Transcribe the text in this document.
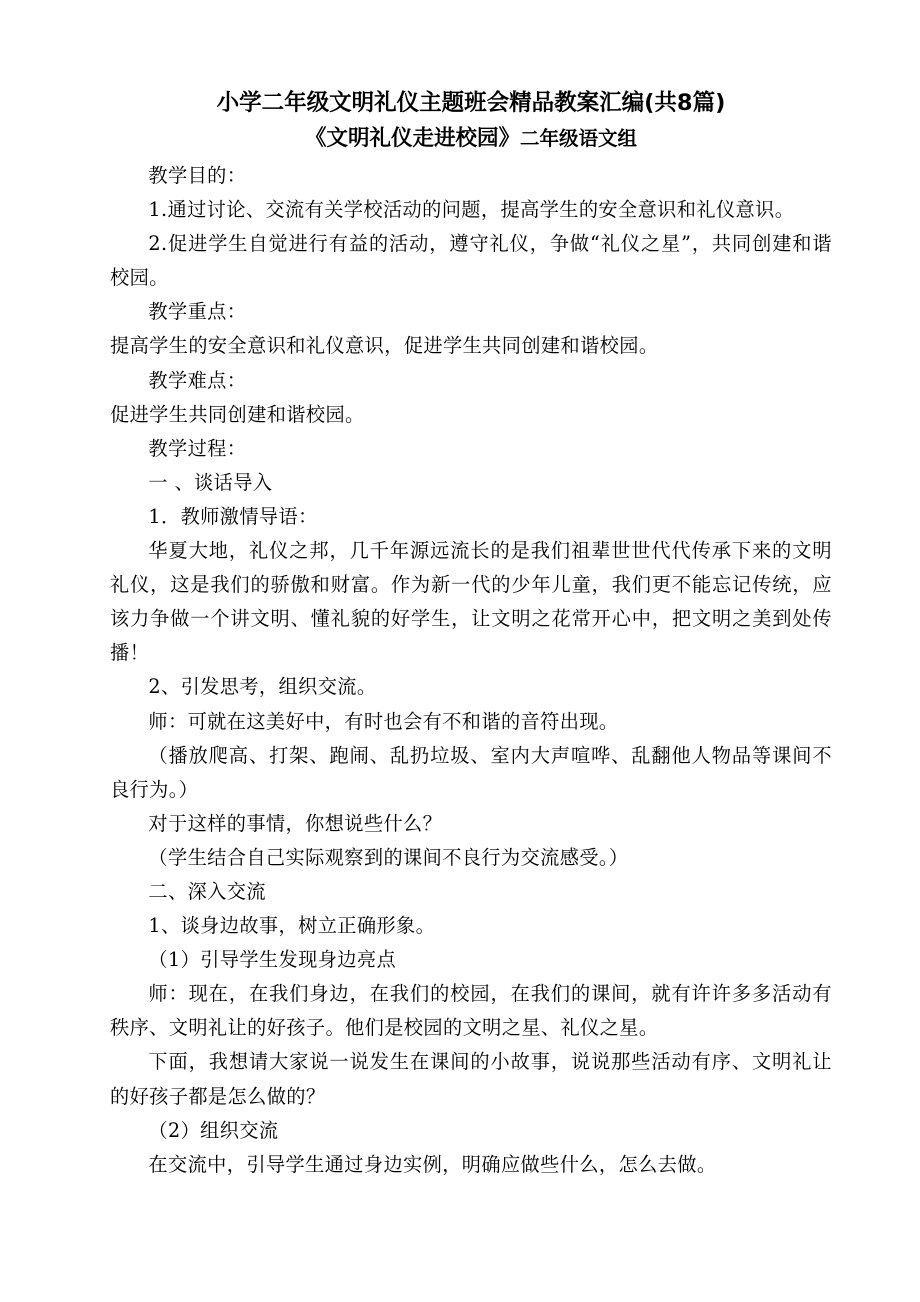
小学二年级文明礼仪主题班会精品教案汇编(共8篇)
《文明礼仪走进校园》二年级语文组

教学目的：

1.通过讨论、交流有关学校活动的问题，提高学生的安全意识和礼仪意识。

2.促进学生自觉进行有益的活动，遵守礼仪，争做“礼仪之星”，共同创建和谐校园。

教学重点：

提高学生的安全意识和礼仪意识，促进学生共同创建和谐校园。

教学难点：

促进学生共同创建和谐校园。

教学过程：

一 、谈话导入

1．教师激情导语：

华夏大地，礼仪之邦，几千年源远流长的是我们祖辈世世代代传承下来的文明礼仪，这是我们的骄傲和财富。作为新一代的少年儿童，我们更不能忘记传统，应该力争做一个讲文明、懂礼貌的好学生，让文明之花常开心中，把文明之美到处传播！

2、引发思考，组织交流。

师：可就在这美好中，有时也会有不和谐的音符出现。

（播放爬高、打架、跑闹、乱扔垃圾、室内大声喧哗、乱翻他人物品等课间不良行为。）

对于这样的事情，你想说些什么？

（学生结合自己实际观察到的课间不良行为交流感受。）

二、深入交流

1、谈身边故事，树立正确形象。

（1）引导学生发现身边亮点

师：现在，在我们身边，在我们的校园，在我们的课间，就有许许多多活动有秩序、文明礼让的好孩子。他们是校园的文明之星、礼仪之星。

下面，我想请大家说一说发生在课间的小故事，说说那些活动有序、文明礼让的好孩子都是怎么做的？

（2）组织交流

在交流中，引导学生通过身边实例，明确应做些什么，怎么去做。
